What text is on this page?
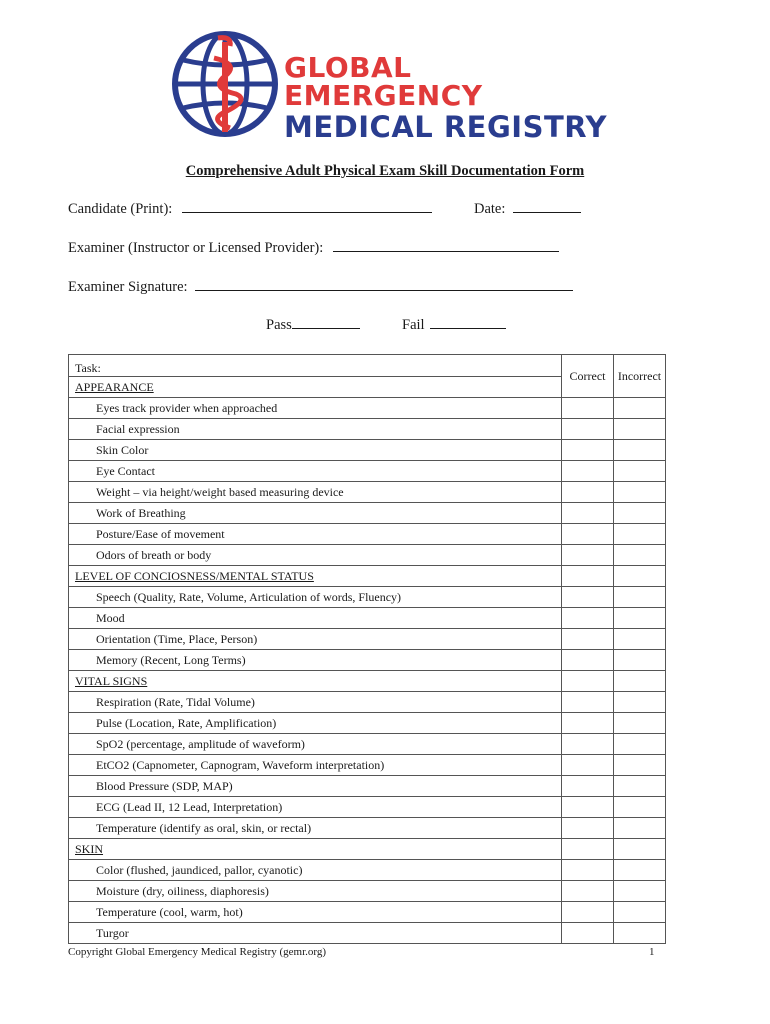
GLOBAL EMERGENCY
MEDICAL REGISTRY
Comprehensive Adult Physical Exam Skill Documentation Form
Candidate (Print):	Date:
Examiner (Instructor or Licensed Provider):
Examiner Signature:
Pass	Fail
Task:	Correct	Incorrect
APPEARANCE		
Eyes track provider when approached		
Facial expression		
Skin Color		
Eye Contact		
Weight – via height/weight based measuring device		
Work of Breathing		
Posture/Ease of movement		
Odors of breath or body		
LEVEL OF CONCIOSNESS/MENTAL STATUS		
Speech (Quality, Rate, Volume, Articulation of words, Fluency)		
Mood		
Orientation (Time, Place, Person)		
Memory (Recent, Long Terms)		
VITAL SIGNS		
Respiration (Rate, Tidal Volume)		
Pulse (Location, Rate, Amplification)		
SpO2 (percentage, amplitude of waveform)		
EtCO2 (Capnometer, Capnogram, Waveform interpretation)		
Blood Pressure (SDP, MAP)		
ECG (Lead II, 12 Lead, Interpretation)		
Temperature (identify as oral, skin, or rectal)		
SKIN		
Color (flushed, jaundiced, pallor, cyanotic)		
Moisture (dry, oiliness, diaphoresis)		
Temperature (cool, warm, hot)		
Turgor		
Copyright Global Emergency Medical Registry (gemr.org)	1
